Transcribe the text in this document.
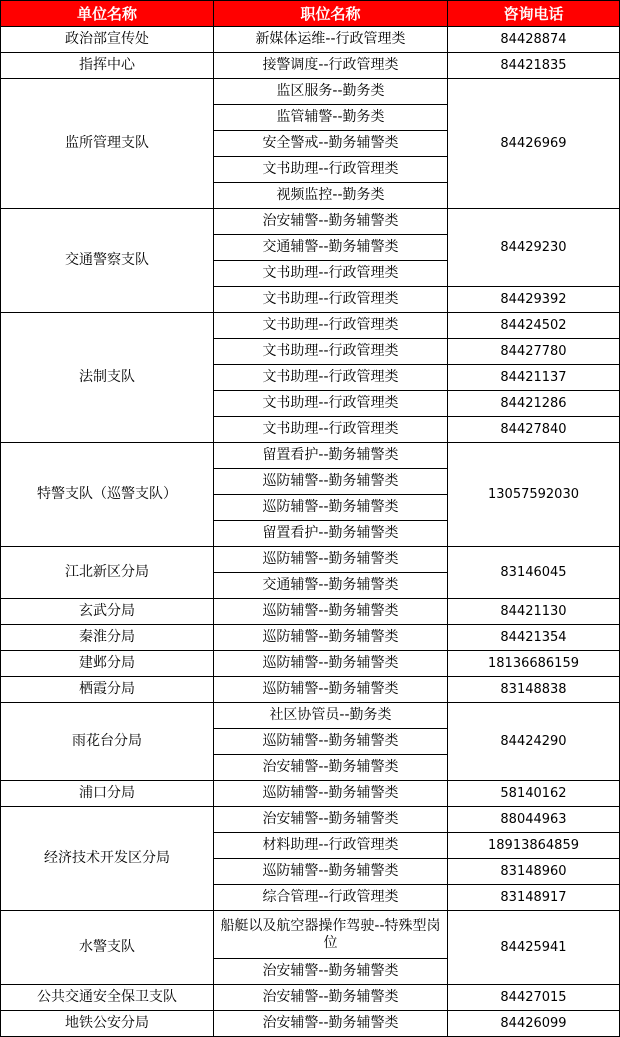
单位名称	职位名称	咨询电话
政治部宣传处	新媒体运维--行政管理类	84428874
指挥中心	接警调度--行政管理类	84421835
监所管理支队	监区服务--勤务类	84426969
	监管辅警--勤务类	
	安全警戒--勤务辅警类	
	文书助理--行政管理类	
	视频监控--勤务类	
交通警察支队	治安辅警--勤务辅警类	84429230
	交通辅警--勤务辅警类	
	文书助理--行政管理类	
	文书助理--行政管理类	84429392
法制支队	文书助理--行政管理类	84424502
	文书助理--行政管理类	84427780
	文书助理--行政管理类	84421137
	文书助理--行政管理类	84421286
	文书助理--行政管理类	84427840
特警支队（巡警支队）	留置看护--勤务辅警类	13057592030
	巡防辅警--勤务辅警类	
	巡防辅警--勤务辅警类	
	留置看护--勤务辅警类	
江北新区分局	巡防辅警--勤务辅警类	83146045
	交通辅警--勤务辅警类	
玄武分局	巡防辅警--勤务辅警类	84421130
秦淮分局	巡防辅警--勤务辅警类	84421354
建邺分局	巡防辅警--勤务辅警类	18136686159
栖霞分局	巡防辅警--勤务辅警类	83148838
雨花台分局	社区协管员--勤务类	84424290
	巡防辅警--勤务辅警类	
	治安辅警--勤务辅警类	
浦口分局	巡防辅警--勤务辅警类	58140162
经济技术开发区分局	治安辅警--勤务辅警类	88044963
	材料助理--行政管理类	18913864859
	巡防辅警--勤务辅警类	83148960
	综合管理--行政管理类	83148917
水警支队	船艇以及航空器操作驾驶--特殊型岗位	84425941
	治安辅警--勤务辅警类	
公共交通安全保卫支队	治安辅警--勤务辅警类	84427015
地铁公安分局	治安辅警--勤务辅警类	84426099
